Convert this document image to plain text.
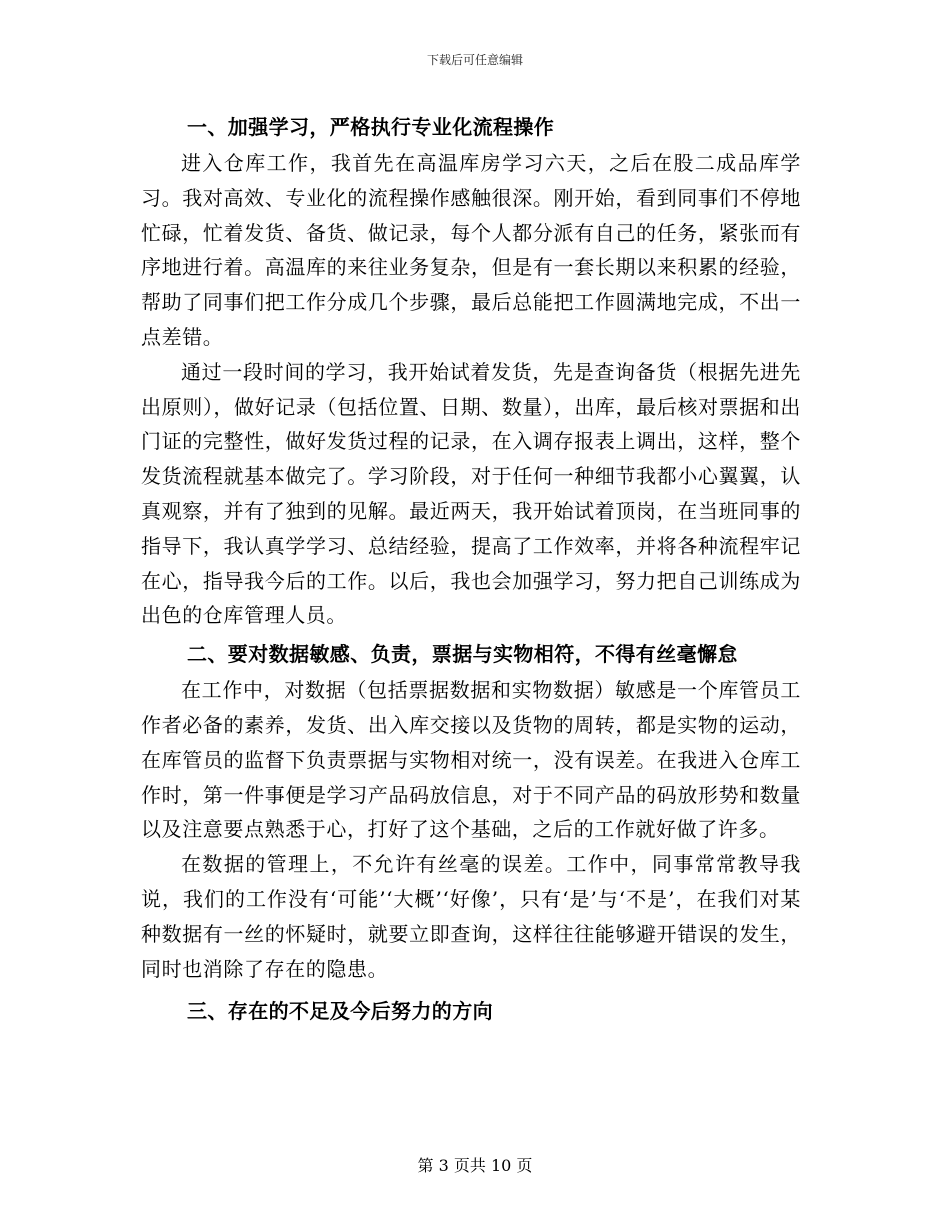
下载后可任意编辑
一、加强学习，严格执行专业化流程操作

进入仓库工作，我首先在高温库房学习六天，之后在股二成品库学习。我对高效、专业化的流程操作感触很深。刚开始，看到同事们不停地忙碌，忙着发货、备货、做记录，每个人都分派有自己的任务，紧张而有序地进行着。高温库的来往业务复杂，但是有一套长期以来积累的经验，帮助了同事们把工作分成几个步骤，最后总能把工作圆满地完成，不出一点差错。

通过一段时间的学习，我开始试着发货，先是查询备货（根据先进先出原则），做好记录（包括位置、日期、数量），出库，最后核对票据和出门证的完整性，做好发货过程的记录，在入调存报表上调出，这样，整个发货流程就基本做完了。学习阶段，对于任何一种细节我都小心翼翼，认真观察，并有了独到的见解。最近两天，我开始试着顶岗，在当班同事的指导下，我认真学学习、总结经验，提高了工作效率，并将各种流程牢记在心，指导我今后的工作。以后，我也会加强学习，努力把自己训练成为出色的仓库管理人员。

二、要对数据敏感、负责，票据与实物相符，不得有丝毫懈怠

在工作中，对数据（包括票据数据和实物数据）敏感是一个库管员工作者必备的素养，发货、出入库交接以及货物的周转，都是实物的运动，在库管员的监督下负责票据与实物相对统一，没有误差。在我进入仓库工作时，第一件事便是学习产品码放信息，对于不同产品的码放形势和数量以及注意要点熟悉于心，打好了这个基础，之后的工作就好做了许多。

在数据的管理上，不允许有丝毫的误差。工作中，同事常常教导我说，我们的工作没有‘可能’‘大概’‘好像’，只有‘是’与‘不是’，在我们对某种数据有一丝的怀疑时，就要立即查询，这样往往能够避开错误的发生，同时也消除了存在的隐患。

三、存在的不足及今后努力的方向
第 3 页共 10 页
